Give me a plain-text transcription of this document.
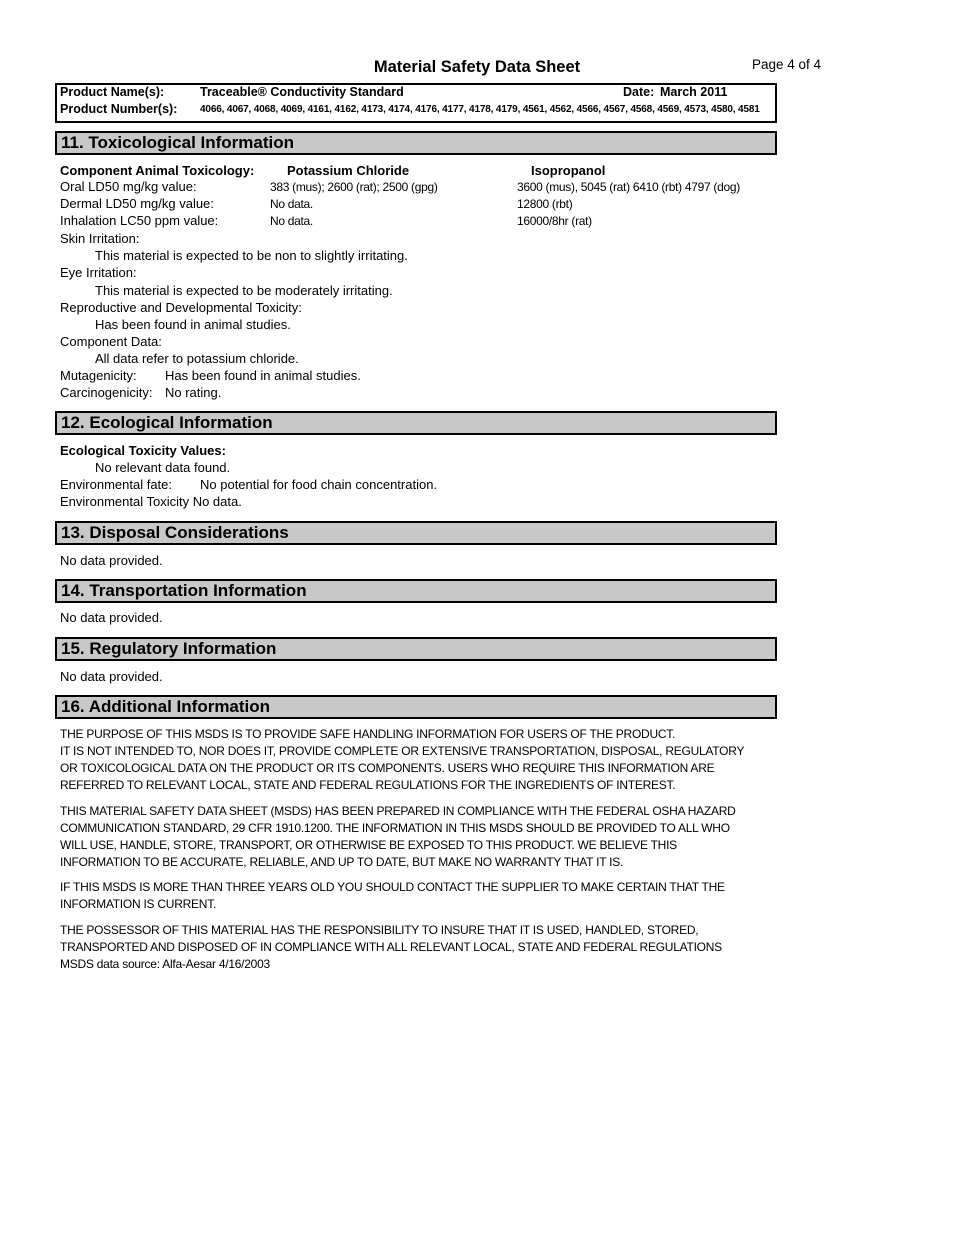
Material Safety Data Sheet	Page 4 of 4
Product Name(s):	Traceable® Conductivity Standard	Date: March 2011
Product Number(s): 4066, 4067, 4068, 4069, 4161, 4162, 4173, 4174, 4176, 4177, 4178, 4179, 4561, 4562, 4566, 4567, 4568, 4569, 4573, 4580, 4581
11. Toxicological Information
Component Animal Toxicology:	Potassium Chloride	Isopropanol
Oral LD50 mg/kg value:	383 (mus); 2600 (rat); 2500 (gpg)	3600 (mus), 5045 (rat) 6410 (rbt) 4797 (dog)
Dermal LD50 mg/kg value:	No data.	12800 (rbt)
Inhalation LC50 ppm value:	No data.	16000/8hr (rat)
Skin Irritation:
This material is expected to be non to slightly irritating.
Eye Irritation:
This material is expected to be moderately irritating.
Reproductive and Developmental Toxicity:
Has been found in animal studies.
Component Data:
All data refer to potassium chloride.
Mutagenicity: Has been found in animal studies.
Carcinogenicity: No rating.
12. Ecological Information
Ecological Toxicity Values:
No relevant data found.
Environmental fate: No potential for food chain concentration.
Environmental Toxicity No data.
13. Disposal Considerations
No data provided.
14. Transportation Information
No data provided.
15. Regulatory Information
No data provided.
16. Additional Information
THE PURPOSE OF THIS MSDS IS TO PROVIDE SAFE HANDLING INFORMATION FOR USERS OF THE PRODUCT.
IT IS NOT INTENDED TO, NOR DOES IT, PROVIDE COMPLETE OR EXTENSIVE TRANSPORTATION, DISPOSAL, REGULATORY
OR TOXICOLOGICAL DATA ON THE PRODUCT OR ITS COMPONENTS. USERS WHO REQUIRE THIS INFORMATION ARE
REFERRED TO RELEVANT LOCAL, STATE AND FEDERAL REGULATIONS FOR THE INGREDIENTS OF INTEREST.
THIS MATERIAL SAFETY DATA SHEET (MSDS) HAS BEEN PREPARED IN COMPLIANCE WITH THE FEDERAL OSHA HAZARD
COMMUNICATION STANDARD, 29 CFR 1910.1200. THE INFORMATION IN THIS MSDS SHOULD BE PROVIDED TO ALL WHO
WILL USE, HANDLE, STORE, TRANSPORT, OR OTHERWISE BE EXPOSED TO THIS PRODUCT. WE BELIEVE THIS
INFORMATION TO BE ACCURATE, RELIABLE, AND UP TO DATE, BUT MAKE NO WARRANTY THAT IT IS.
IF THIS MSDS IS MORE THAN THREE YEARS OLD YOU SHOULD CONTACT THE SUPPLIER TO MAKE CERTAIN THAT THE
INFORMATION IS CURRENT.
THE POSSESSOR OF THIS MATERIAL HAS THE RESPONSIBILITY TO INSURE THAT IT IS USED, HANDLED, STORED,
TRANSPORTED AND DISPOSED OF IN COMPLIANCE WITH ALL RELEVANT LOCAL, STATE AND FEDERAL REGULATIONS
MSDS data source: Alfa-Aesar 4/16/2003
